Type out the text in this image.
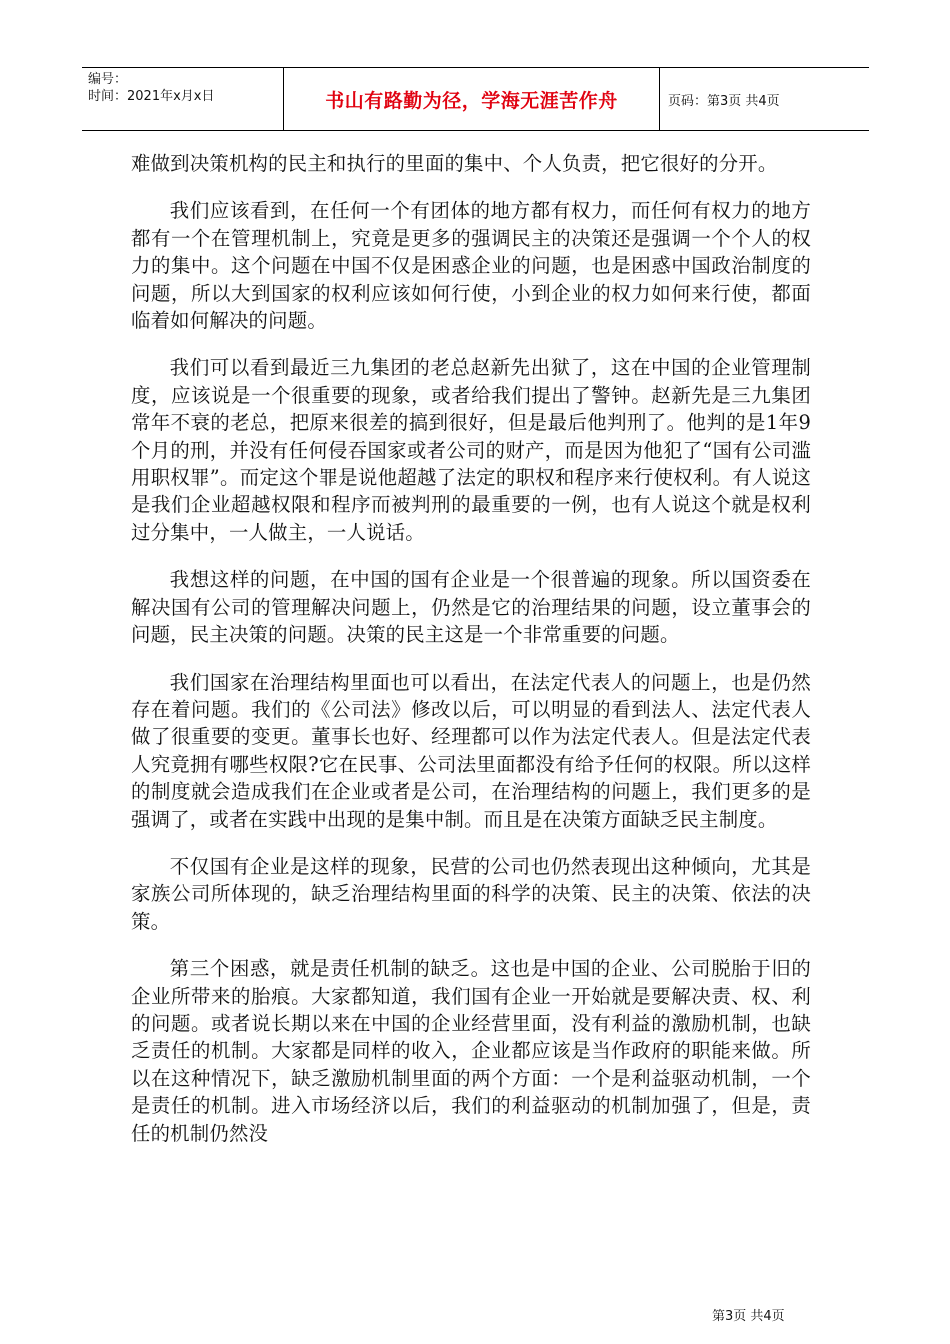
编号：
时间：2021年x月x日	书山有路勤为径，学海无涯苦作舟	页码：第3页 共4页

难做到决策机构的民主和执行的里面的集中、个人负责，把它很好的分开。

我们应该看到，在任何一个有团体的地方都有权力，而任何有权力的地方都有一个在管理机制上，究竟是更多的强调民主的决策还是强调一个个人的权力的集中。这个问题在中国不仅是困惑企业的问题，也是困惑中国政治制度的问题，所以大到国家的权利应该如何行使，小到企业的权力如何来行使，都面临着如何解决的问题。

我们可以看到最近三九集团的老总赵新先出狱了，这在中国的企业管理制度，应该说是一个很重要的现象，或者给我们提出了警钟。赵新先是三九集团常年不衰的老总，把原来很差的搞到很好，但是最后他判刑了。他判的是1年9个月的刑，并没有任何侵吞国家或者公司的财产，而是因为他犯了“国有公司滥用职权罪”。而定这个罪是说他超越了法定的职权和程序来行使权利。有人说这是我们企业超越权限和程序而被判刑的最重要的一例，也有人说这个就是权利过分集中，一人做主，一人说话。

我想这样的问题，在中国的国有企业是一个很普遍的现象。所以国资委在解决国有公司的管理解决问题上，仍然是它的治理结果的问题，设立董事会的问题，民主决策的问题。决策的民主这是一个非常重要的问题。

我们国家在治理结构里面也可以看出，在法定代表人的问题上，也是仍然存在着问题。我们的《公司法》修改以后，可以明显的看到法人、法定代表人做了很重要的变更。董事长也好、经理都可以作为法定代表人。但是法定代表人究竟拥有哪些权限?它在民事、公司法里面都没有给予任何的权限。所以这样的制度就会造成我们在企业或者是公司，在治理结构的问题上，我们更多的是强调了，或者在实践中出现的是集中制。而且是在决策方面缺乏民主制度。

不仅国有企业是这样的现象，民营的公司也仍然表现出这种倾向，尤其是家族公司所体现的，缺乏治理结构里面的科学的决策、民主的决策、依法的决策。

第三个困惑，就是责任机制的缺乏。这也是中国的企业、公司脱胎于旧的企业所带来的胎痕。大家都知道，我们国有企业一开始就是要解决责、权、利的问题。或者说长期以来在中国的企业经营里面，没有利益的激励机制，也缺乏责任的机制。大家都是同样的收入，企业都应该是当作政府的职能来做。所以在这种情况下，缺乏激励机制里面的两个方面：一个是利益驱动机制，一个是责任的机制。进入市场经济以后，我们的利益驱动的机制加强了，但是，责任的机制仍然没

第3页 共4页
